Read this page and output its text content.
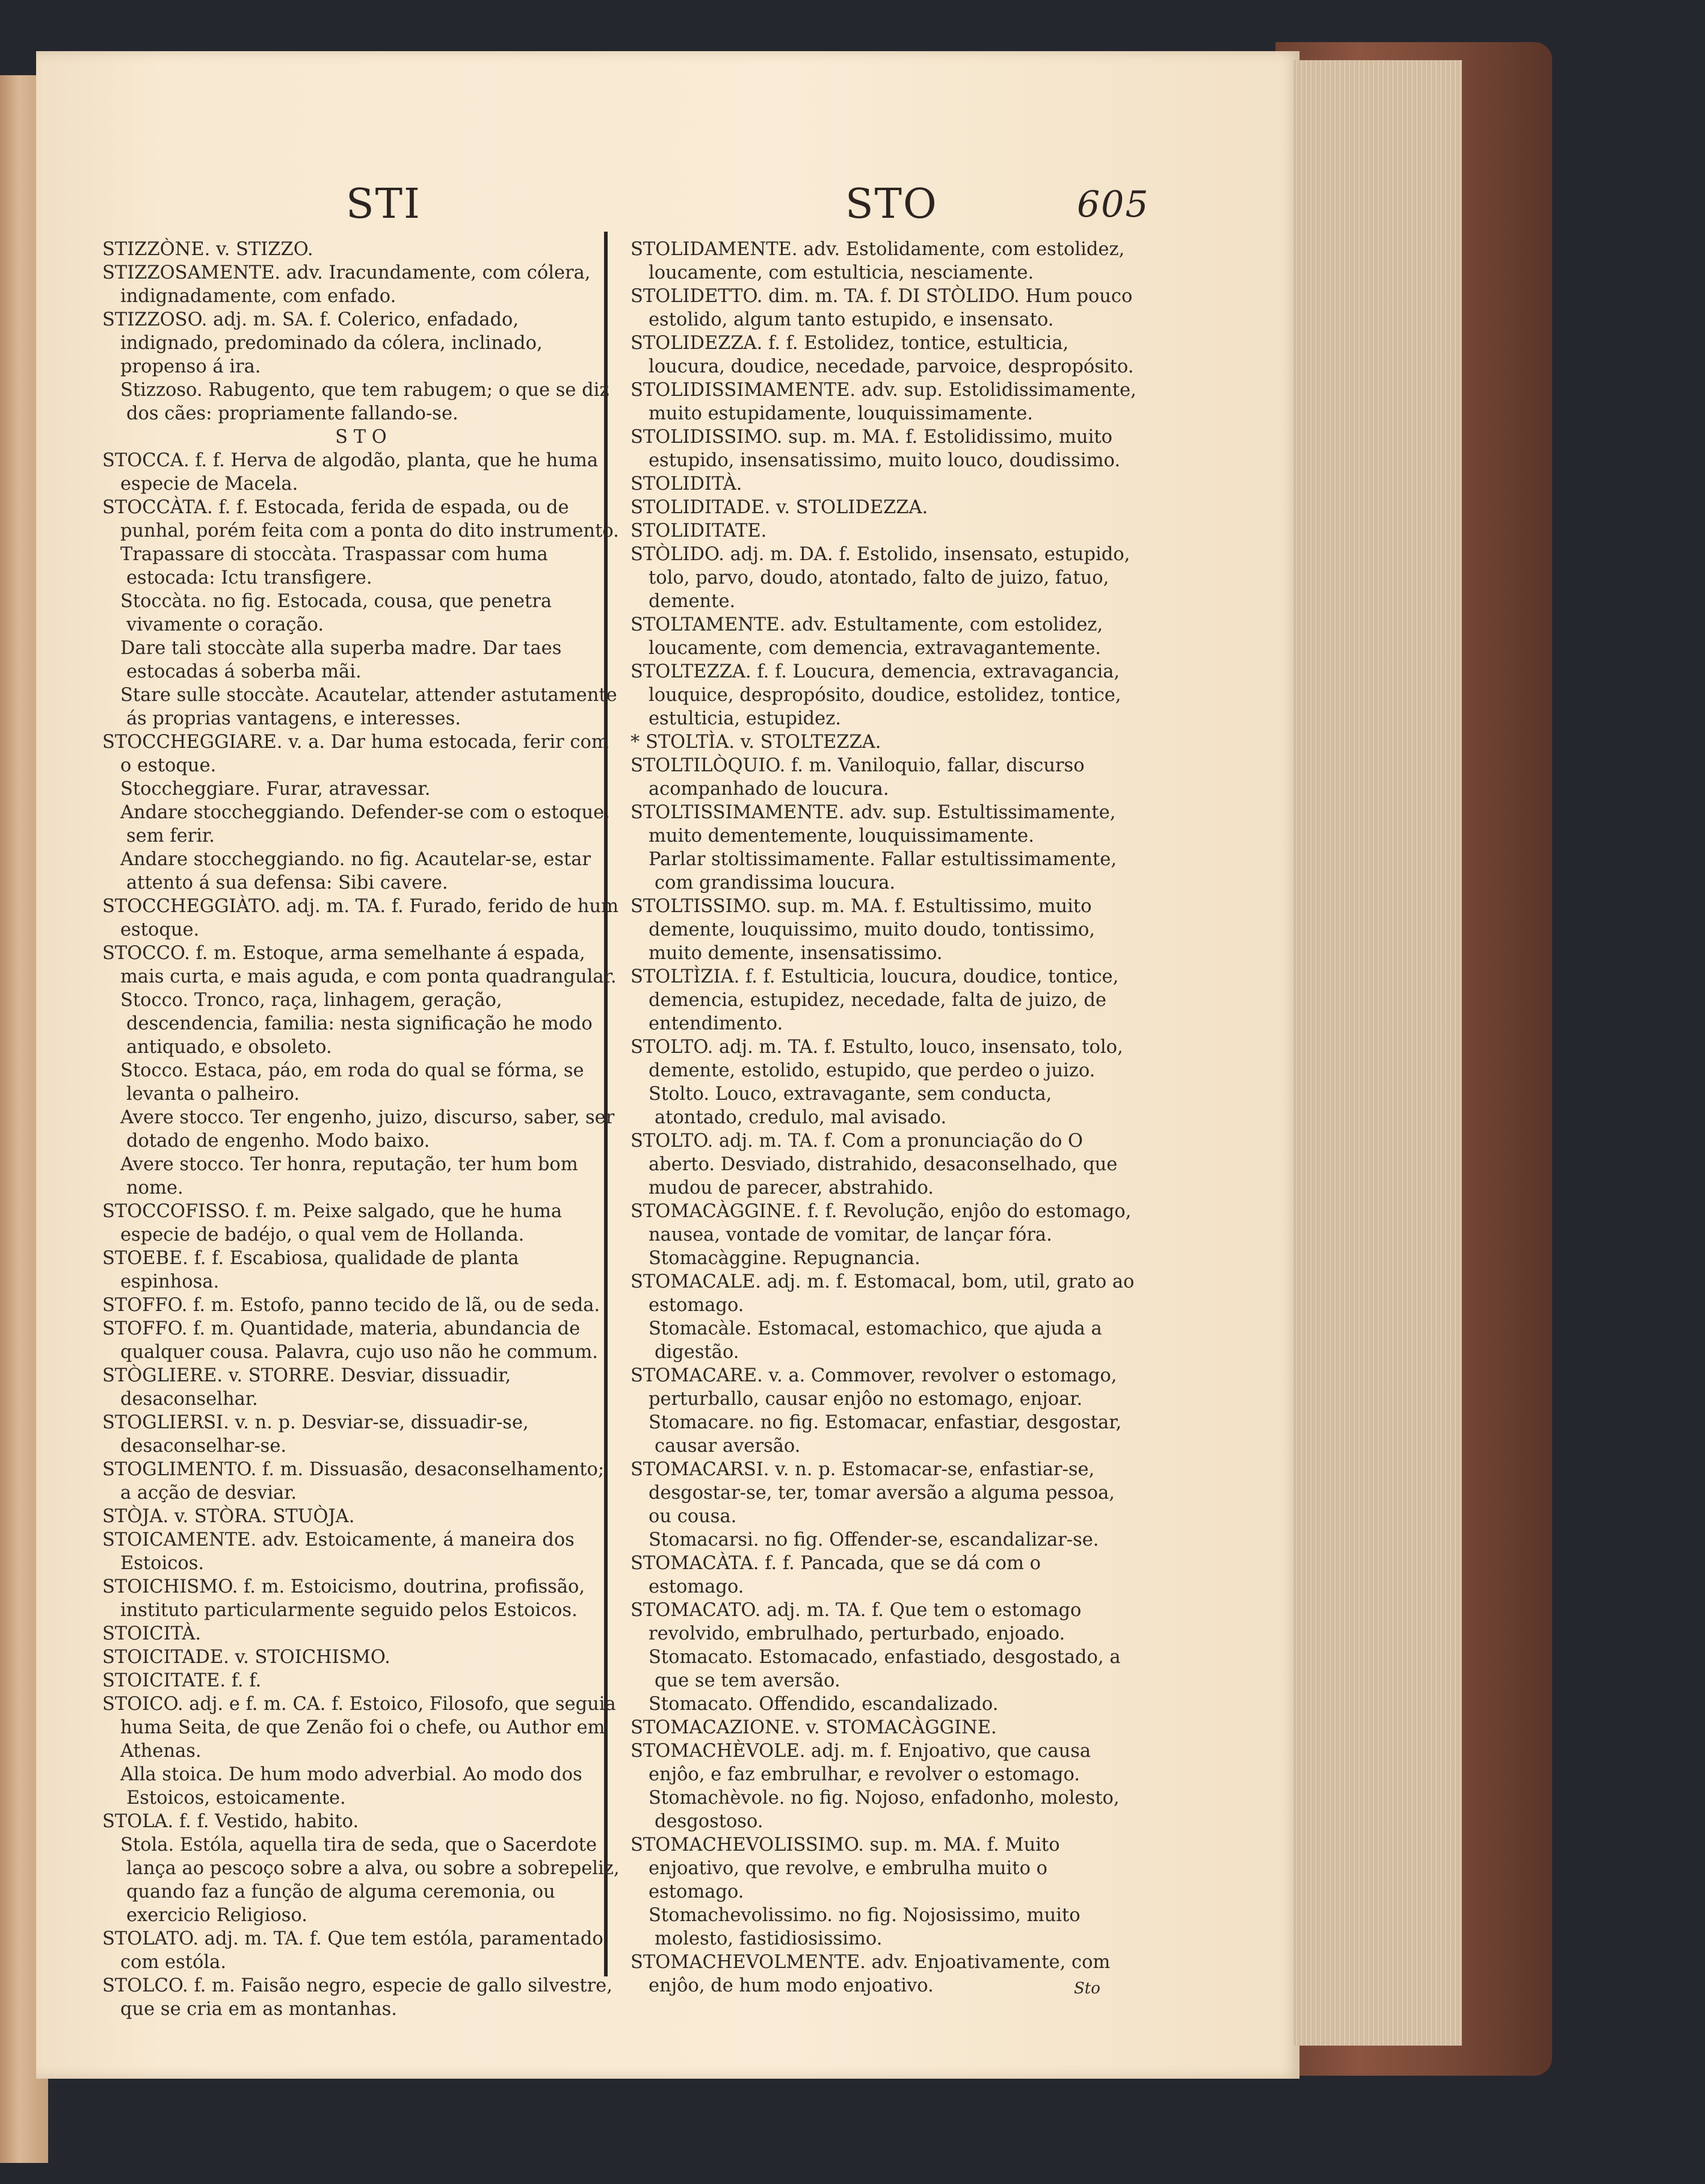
STI	STO	605

STIZZÒNE. v. STIZZO.

STIZZOSAMENTE. adv. Iracundamente, com cólera, indignadamente, com enfado.

STIZZOSO. adj. m. SA. f. Colerico, enfadado, indignado, predominado da cólera, inclinado, propenso á ira.

Stizzoso. Rabugento, que tem rabugem; o que se diz dos cães: propriamente fallando-se.

S T O

STOCCA. f. f. Herva de algodão, planta, que he huma especie de Macela.

STOCCÀTA. f. f. Estocada, ferida de espada, ou de punhal, porém feita com a ponta do dito instrumento.

Trapassare di stoccàta. Traspassar com huma estocada: Ictu transfigere.

Stoccàta. no fig. Estocada, cousa, que penetra vivamente o coração.

Dare tali stoccàte alla superba madre. Dar taes estocadas á soberba mãi.

Stare sulle stoccàte. Acautelar, attender astutamente ás proprias vantagens, e interesses.

STOCCHEGGIARE. v. a. Dar huma estocada, ferir com o estoque.

Stoccheggiare. Furar, atravessar.

Andare stoccheggiando. Defender-se com o estoque, sem ferir.

Andare stoccheggiando. no fig. Acautelar-se, estar attento á sua defensa: Sibi cavere.

STOCCHEGGIÀTO. adj. m. TA. f. Furado, ferido de hum estoque.

STOCCO. f. m. Estoque, arma semelhante á espada, mais curta, e mais aguda, e com ponta quadrangular.

Stocco. Tronco, raça, linhagem, geração, descendencia, familia: nesta significação he modo antiquado, e obsoleto.

Stocco. Estaca, páo, em roda do qual se fórma, se levanta o palheiro.

Avere stocco. Ter engenho, juizo, discurso, saber, ser dotado de engenho. Modo baixo.

Avere stocco. Ter honra, reputação, ter hum bom nome.

STOCCOFISSO. f. m. Peixe salgado, que he huma especie de badéjo, o qual vem de Hollanda.

STOEBE. f. f. Escabiosa, qualidade de planta espinhosa.

STOFFO. f. m. Estofo, panno tecido de lã, ou de seda.

STOFFO. f. m. Quantidade, materia, abundancia de qualquer cousa. Palavra, cujo uso não he commum.

STÒGLIERE. v. STORRE. Desviar, dissuadir, desaconselhar.

STOGLIERSI. v. n. p. Desviar-se, dissuadir-se, desaconselhar-se.

STOGLIMENTO. f. m. Dissuasão, desaconselhamento; a acção de desviar.

STÒJA. v. STÒRA. STUÒJA.

STOICAMENTE. adv. Estoicamente, á maneira dos Estoicos.

STOICHISMO. f. m. Estoicismo, doutrina, profissão, instituto particularmente seguido pelos Estoicos.

STOICITÀ.

STOICITADE. v. STOICHISMO.

STOICITATE. f. f.

STOICO. adj. e f. m. CA. f. Estoico, Filosofo, que seguia huma Seita, de que Zenão foi o chefe, ou Author em Athenas.

Alla stoica. De hum modo adverbial. Ao modo dos Estoicos, estoicamente.

STOLA. f. f. Vestido, habito.

Stola. Estóla, aquella tira de seda, que o Sacerdote lança ao pescoço sobre a alva, ou sobre a sobrepeliz, quando faz a função de alguma ceremonia, ou exercicio Religioso.

STOLATO. adj. m. TA. f. Que tem estóla, paramentado com estóla.

STOLCO. f. m. Faisão negro, especie de gallo silvestre, que se cria em as montanhas.

STOLIDAMENTE. adv. Estolidamente, com estolidez, loucamente, com estulticia, nesciamente.

STOLIDETTO. dim. m. TA. f. DI STÒLIDO. Hum pouco estolido, algum tanto estupido, e insensato.

STOLIDEZZA. f. f. Estolidez, tontice, estulticia, loucura, doudice, necedade, parvoice, despropósito.

STOLIDISSIMAMENTE. adv. sup. Estolidissimamente, muito estupidamente, louquissimamente.

STOLIDISSIMO. sup. m. MA. f. Estolidissimo, muito estupido, insensatissimo, muito louco, doudissimo.

STOLIDITÀ.

STOLIDITADE. v. STOLIDEZZA.

STOLIDITATE.

STÒLIDO. adj. m. DA. f. Estolido, insensato, estupido, tolo, parvo, doudo, atontado, falto de juizo, fatuo, demente.

STOLTAMENTE. adv. Estultamente, com estolidez, loucamente, com demencia, extravagantemente.

STOLTEZZA. f. f. Loucura, demencia, extravagancia, louquice, despropósito, doudice, estolidez, tontice, estulticia, estupidez.

* STOLTÌA. v. STOLTEZZA.

STOLTILÒQUIO. f. m. Vaniloquio, fallar, discurso acompanhado de loucura.

STOLTISSIMAMENTE. adv. sup. Estultissimamente, muito dementemente, louquissimamente.

Parlar stoltissimamente. Fallar estultissimamente, com grandissima loucura.

STOLTISSIMO. sup. m. MA. f. Estultissimo, muito demente, louquissimo, muito doudo, tontissimo, muito demente, insensatissimo.

STOLTÌZIA. f. f. Estulticia, loucura, doudice, tontice, demencia, estupidez, necedade, falta de juizo, de entendimento.

STOLTO. adj. m. TA. f. Estulto, louco, insensato, tolo, demente, estolido, estupido, que perdeo o juizo.

Stolto. Louco, extravagante, sem conducta, atontado, credulo, mal avisado.

STOLTO. adj. m. TA. f. Com a pronunciação do O aberto. Desviado, distrahido, desaconselhado, que mudou de parecer, abstrahido.

STOMACÀGGINE. f. f. Revolução, enjôo do estomago, nausea, vontade de vomitar, de lançar fóra.

Stomacàggine. Repugnancia.

STOMACALE. adj. m. f. Estomacal, bom, util, grato ao estomago.

Stomacàle. Estomacal, estomachico, que ajuda a digestão.

STOMACARE. v. a. Commover, revolver o estomago, perturballo, causar enjôo no estomago, enjoar.

Stomacare. no fig. Estomacar, enfastiar, desgostar, causar aversão.

STOMACARSI. v. n. p. Estomacar-se, enfastiar-se, desgostar-se, ter, tomar aversão a alguma pessoa, ou cousa.

Stomacarsi. no fig. Offender-se, escandalizar-se.

STOMACÀTA. f. f. Pancada, que se dá com o estomago.

STOMACATO. adj. m. TA. f. Que tem o estomago revolvido, embrulhado, perturbado, enjoado.

Stomacato. Estomacado, enfastiado, desgostado, a que se tem aversão.

Stomacato. Offendido, escandalizado.

STOMACAZIONE. v. STOMACÀGGINE.

STOMACHÈVOLE. adj. m. f. Enjoativo, que causa enjôo, e faz embrulhar, e revolver o estomago.

Stomachèvole. no fig. Nojoso, enfadonho, molesto, desgostoso.

STOMACHEVOLISSIMO. sup. m. MA. f. Muito enjoativo, que revolve, e embrulha muito o estomago.

Stomachevolissimo. no fig. Nojosissimo, muito molesto, fastidiosissimo.

STOMACHEVOLMENTE. adv. Enjoativamente, com enjôo, de hum modo enjoativo.	Sto
